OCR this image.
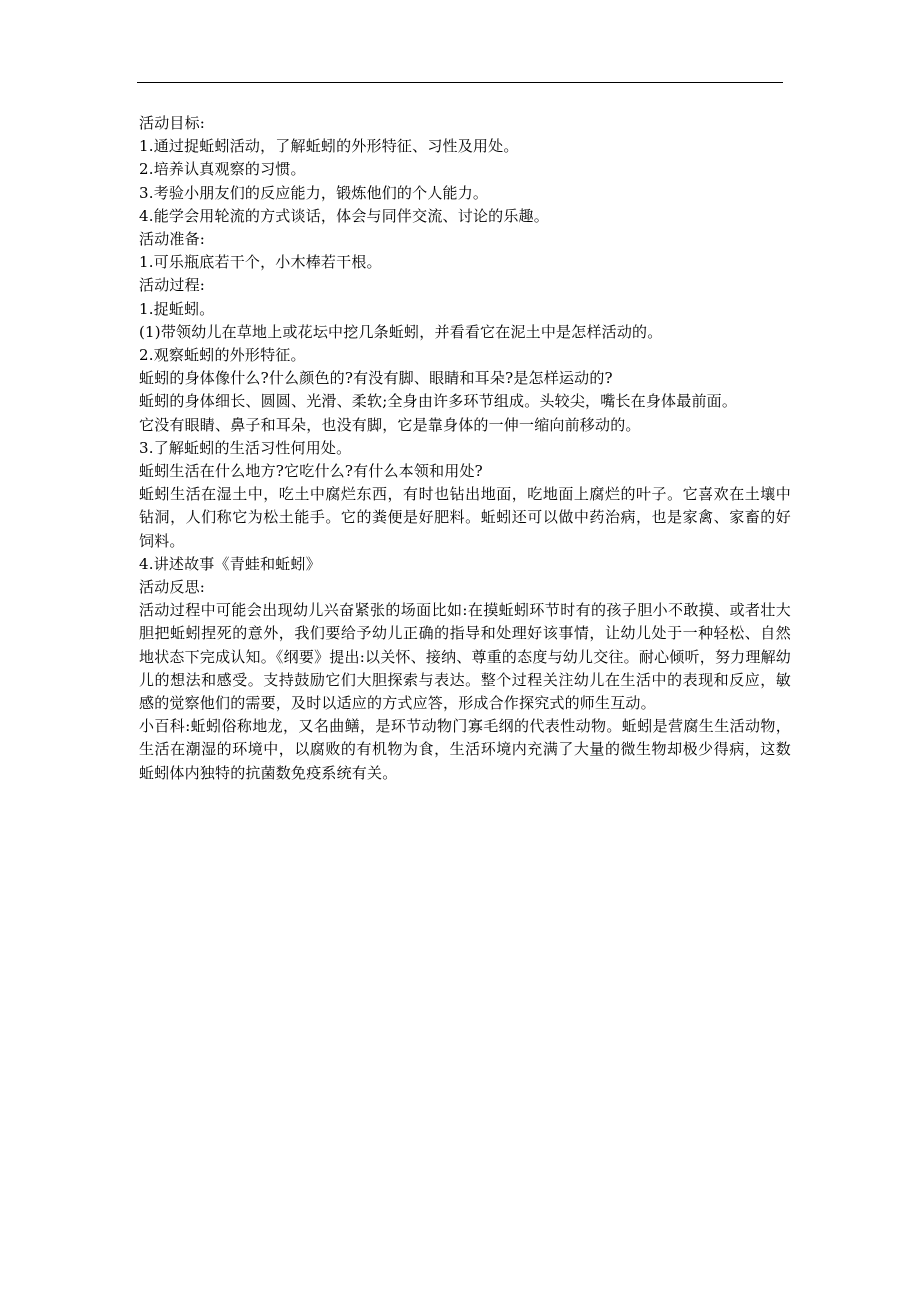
活动目标:

1.通过捉蚯蚓活动，了解蚯蚓的外形特征、习性及用处。

2.培养认真观察的习惯。

3.考验小朋友们的反应能力，锻炼他们的个人能力。

4.能学会用轮流的方式谈话，体会与同伴交流、讨论的乐趣。

活动准备:

1.可乐瓶底若干个，小木棒若干根。

活动过程:

1.捉蚯蚓。

(1)带领幼儿在草地上或花坛中挖几条蚯蚓，并看看它在泥土中是怎样活动的。

2.观察蚯蚓的外形特征。

蚯蚓的身体像什么?什么颜色的?有没有脚、眼睛和耳朵?是怎样运动的?

蚯蚓的身体细长、圆圆、光滑、柔软;全身由许多环节组成。头较尖，嘴长在身体最前面。

它没有眼睛、鼻子和耳朵，也没有脚，它是靠身体的一伸一缩向前移动的。

3.了解蚯蚓的生活习性何用处。

蚯蚓生活在什么地方?它吃什么?有什么本领和用处?

蚯蚓生活在湿土中，吃土中腐烂东西，有时也钻出地面，吃地面上腐烂的叶子。它喜欢在土壤中钻洞，人们称它为松土能手。它的粪便是好肥料。蚯蚓还可以做中药治病，也是家禽、家畜的好饲料。

4.讲述故事《青蛙和蚯蚓》

活动反思:

活动过程中可能会出现幼儿兴奋紧张的场面比如:在摸蚯蚓环节时有的孩子胆小不敢摸、或者壮大胆把蚯蚓捏死的意外，我们要给予幼儿正确的指导和处理好该事情，让幼儿处于一种轻松、自然地状态下完成认知。《纲要》提出:以关怀、接纳、尊重的态度与幼儿交往。耐心倾听，努力理解幼儿的想法和感受。支持鼓励它们大胆探索与表达。整个过程关注幼儿在生活中的表现和反应，敏感的觉察他们的需要，及时以适应的方式应答，形成合作探究式的师生互动。

小百科:蚯蚓俗称地龙，又名曲鳝，是环节动物门寡毛纲的代表性动物。蚯蚓是营腐生生活动物，生活在潮湿的环境中，以腐败的有机物为食，生活环境内充满了大量的微生物却极少得病，这数蚯蚓体内独特的抗菌数免疫系统有关。
